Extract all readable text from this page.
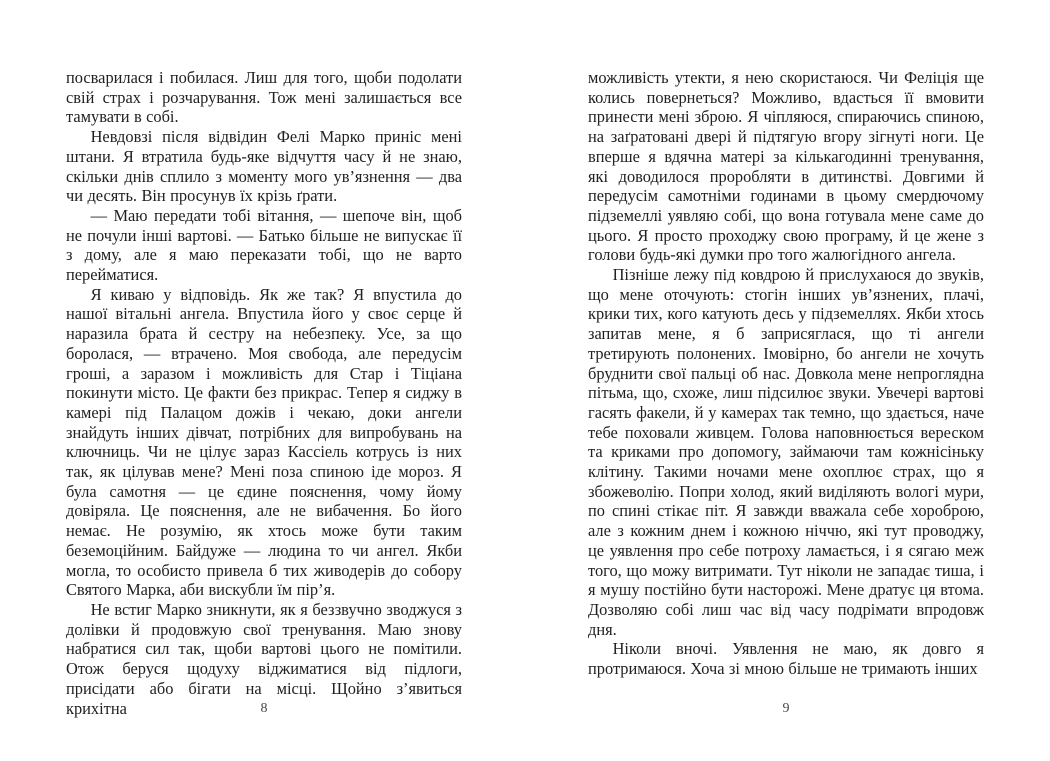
посварилася і побилася. Лиш для того, щоби подолати свій страх і розчарування. Тож мені залишається все тамувати в собі.

Невдовзі після відвідин Фелі Марко приніс мені штани. Я втратила будь-яке відчуття часу й не знаю, скільки днів сплило з моменту мого ув’язнення — два чи десять. Він просунув їх крізь ґрати.

— Маю передати тобі вітання, — шепоче він, щоб не почули інші вартові. — Батько більше не випускає її з дому, але я маю переказати тобі, що не варто перейматися.

Я киваю у відповідь. Як же так? Я впустила до нашої вітальні ангела. Впустила його у своє серце й наразила брата й сестру на небезпеку. Усе, за що боролася, — втрачено. Моя свобода, але передусім гроші, а заразом і можливість для Стар і Тіціана покинути місто. Це факти без прикрас. Тепер я сиджу в камері під Палацом дожів і чекаю, доки ангели знайдуть інших дівчат, потрібних для випробувань на ключниць. Чи не цілує зараз Кассіель котрусь із них так, як цілував мене? Мені поза спиною іде мороз. Я була самотня — це єдине пояснення, чому йому довіряла. Це пояснення, але не вибачення. Бо його немає. Не розумію, як хтось може бути таким беземоційним. Байдуже — людина то чи ангел. Якби могла, то особисто привела б тих живодерів до собору Святого Марка, аби вискубли їм пір’я.

Не встиг Марко зникнути, як я беззвучно зводжуся з долівки й продовжую свої тренування. Маю знову набратися сил так, щоби вартові цього не помітили. Отож беруся щодуху віджиматися від підлоги, присідати або бігати на місці. Щойно з’явиться крихітна

можливість утекти, я нею скористаюся. Чи Феліція ще колись повернеться? Можливо, вдасться її вмовити принести мені зброю. Я чіпляюся, спираючись спиною, на заґратовані двері й підтягую вгору зігнуті ноги. Це вперше я вдячна матері за кількагодинні тренування, які доводилося проробляти в дитинстві. Довгими й передусім самотніми годинами в цьому смердючому підземеллі уявляю собі, що вона готувала мене саме до цього. Я просто проходжу свою програму, й це жене з голови будь-які думки про того жалюгідного ангела.

Пізніше лежу під ковдрою й прислухаюся до звуків, що мене оточують: стогін інших ув’язнених, плачі, крики тих, кого катують десь у підземеллях. Якби хтось запитав мене, я б заприсяглася, що ті ангели третирують полонених. Імовірно, бо ангели не хочуть бруднити свої пальці об нас. Довкола мене непроглядна пітьма, що, схоже, лиш підсилює звуки. Увечері вартові гасять факели, й у камерах так темно, що здається, наче тебе поховали живцем. Голова наповнюється вереском та криками про допомогу, займаючи там кожнісіньку клітину. Такими ночами мене охоплює страх, що я збожеволію. Попри холод, який виділяють вологі мури, по спині стікає піт. Я завжди вважала себе хороброю, але з кожним днем і кожною ніччю, які тут проводжу, це уявлення про себе потроху ламається, і я сягаю меж того, що можу витримати. Тут ніколи не западає тиша, і я мушу постійно бути насторожі. Мене дратує ця втома. Дозволяю собі лиш час від часу подрімати впродовж дня.

Ніколи вночі. Уявлення не маю, як довго я протримаюся. Хоча зі мною більше не тримають інших

8	9
